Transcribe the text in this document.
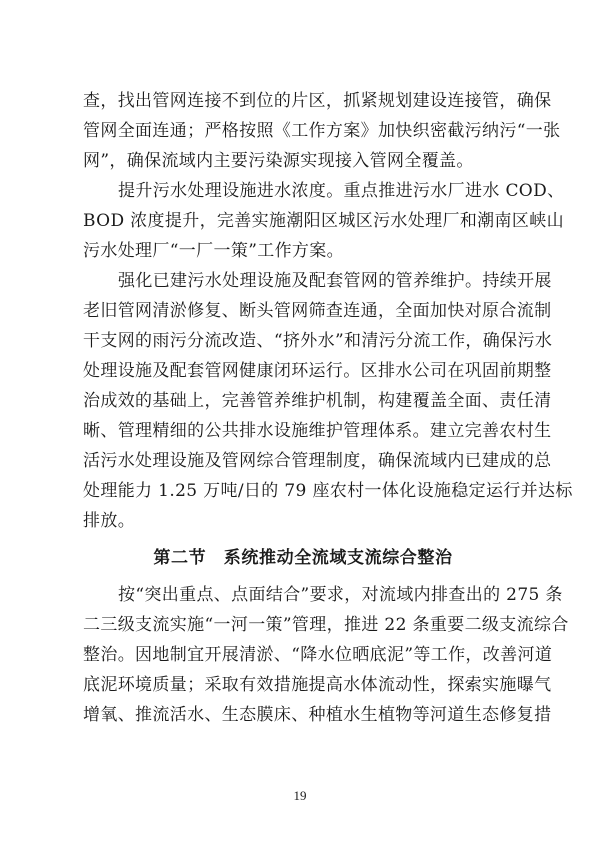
查，找出管网连接不到位的片区，抓紧规划建设连接管，确保
管网全面连通；严格按照《工作方案》加快织密截污纳污“一张
网”，确保流域内主要污染源实现接入管网全覆盖。
提升污水处理设施进水浓度。重点推进污水厂进水 COD、
BOD 浓度提升，完善实施潮阳区城区污水处理厂和潮南区峡山
污水处理厂“一厂一策”工作方案。
强化已建污水处理设施及配套管网的管养维护。持续开展
老旧管网清淤修复、断头管网筛查连通，全面加快对原合流制
干支网的雨污分流改造、“挤外水”和清污分流工作，确保污水
处理设施及配套管网健康闭环运行。区排水公司在巩固前期整
治成效的基础上，完善管养维护机制，构建覆盖全面、责任清
晰、管理精细的公共排水设施维护管理体系。建立完善农村生
活污水处理设施及管网综合管理制度，确保流域内已建成的总
处理能力 1.25 万吨/日的 79 座农村一体化设施稳定运行并达标
排放。
第二节　系统推动全流域支流综合整治
按“突出重点、点面结合”要求，对流域内排查出的 275 条
二三级支流实施“一河一策”管理，推进 22 条重要二级支流综合
整治。因地制宜开展清淤、“降水位晒底泥”等工作，改善河道
底泥环境质量；采取有效措施提高水体流动性，探索实施曝气
增氧、推流活水、生态膜床、种植水生植物等河道生态修复措
19
